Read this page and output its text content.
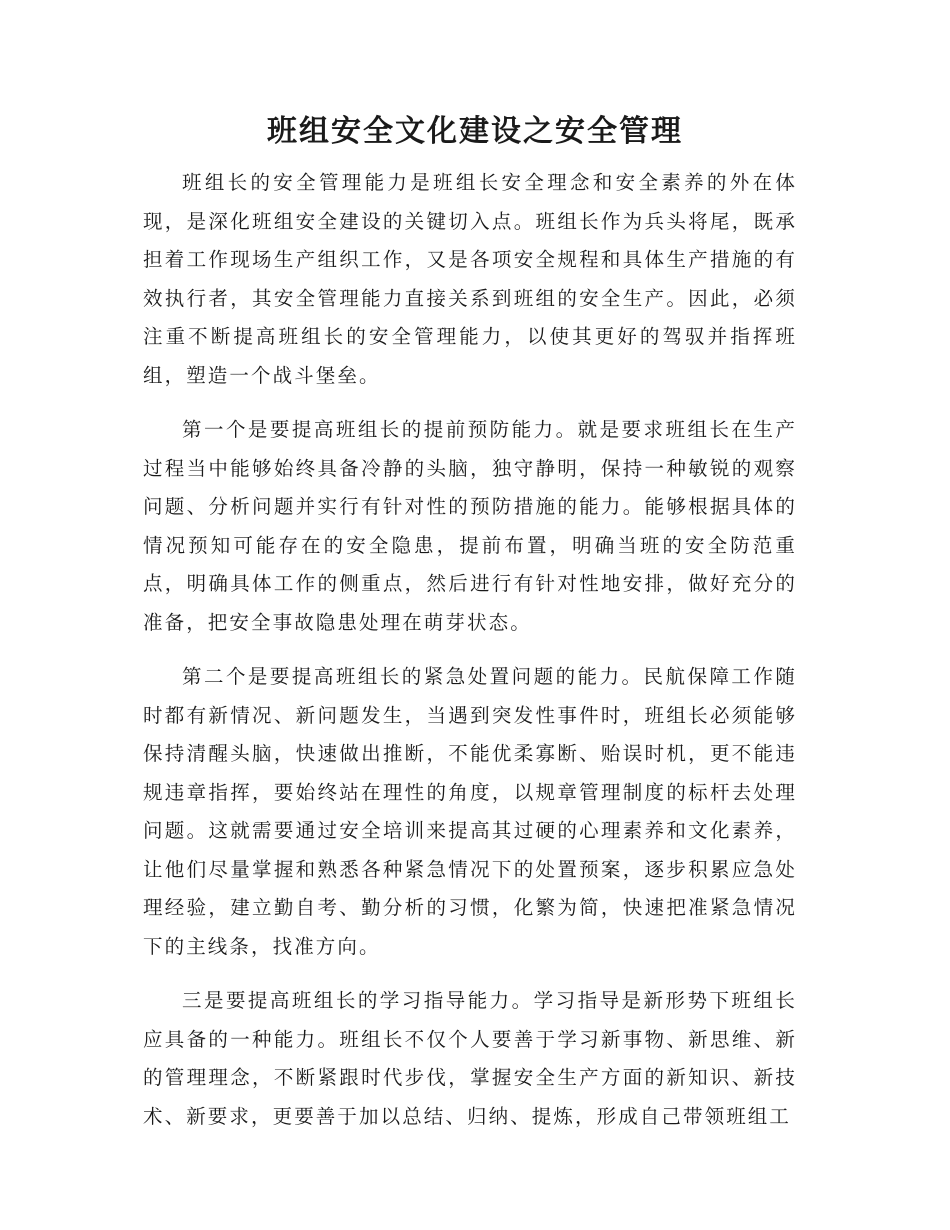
班组安全文化建设之安全管理

班组长的安全管理能力是班组长安全理念和安全素养的外在体现，是深化班组安全建设的关键切入点。班组长作为兵头将尾，既承担着工作现场生产组织工作，又是各项安全规程和具体生产措施的有效执行者，其安全管理能力直接关系到班组的安全生产。因此，必须注重不断提高班组长的安全管理能力，以使其更好的驾驭并指挥班组，塑造一个战斗堡垒。

第一个是要提高班组长的提前预防能力。就是要求班组长在生产过程当中能够始终具备冷静的头脑，独守静明，保持一种敏锐的观察问题、分析问题并实行有针对性的预防措施的能力。能够根据具体的情况预知可能存在的安全隐患，提前布置，明确当班的安全防范重点，明确具体工作的侧重点，然后进行有针对性地安排，做好充分的准备，把安全事故隐患处理在萌芽状态。

第二个是要提高班组长的紧急处置问题的能力。民航保障工作随时都有新情况、新问题发生，当遇到突发性事件时，班组长必须能够保持清醒头脑，快速做出推断，不能优柔寡断、贻误时机，更不能违规违章指挥，要始终站在理性的角度，以规章管理制度的标杆去处理问题。这就需要通过安全培训来提高其过硬的心理素养和文化素养，让他们尽量掌握和熟悉各种紧急情况下的处置预案，逐步积累应急处理经验，建立勤自考、勤分析的习惯，化繁为简，快速把准紧急情况下的主线条，找准方向。

三是要提高班组长的学习指导能力。学习指导是新形势下班组长应具备的一种能力。班组长不仅个人要善于学习新事物、新思维、新的管理理念，不断紧跟时代步伐，掌握安全生产方面的新知识、新技术、新要求，更要善于加以总结、归纳、提炼，形成自己带领班组工
